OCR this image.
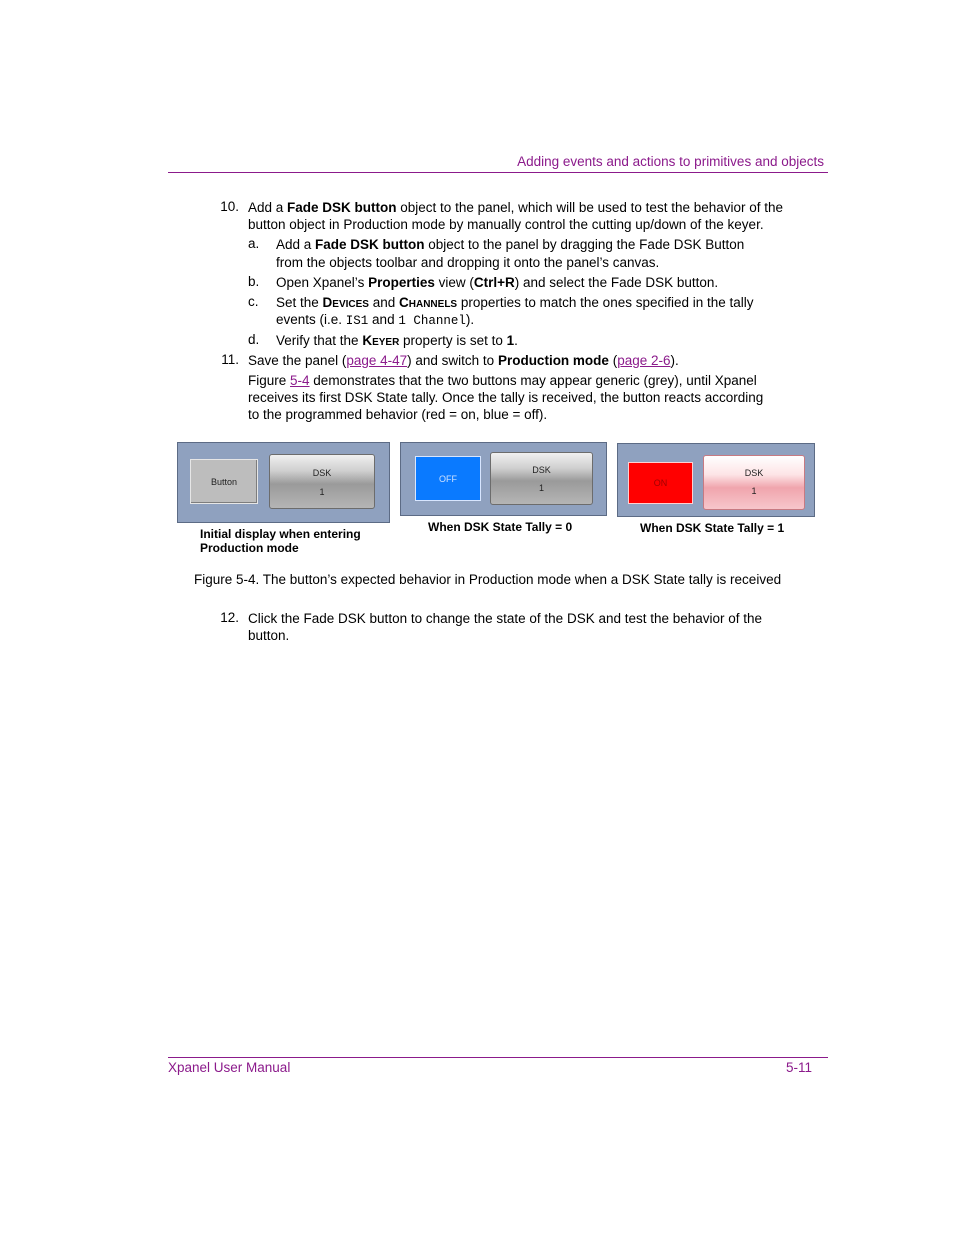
Adding events and actions to primitives and objects
10. Add a Fade DSK button object to the panel, which will be used to test the behavior of the
button object in Production mode by manually control the cutting up/down of the keyer.
a. Add a Fade DSK button object to the panel by dragging the Fade DSK Button
from the objects toolbar and dropping it onto the panel’s canvas.
b. Open Xpanel’s Properties view (Ctrl+R) and select the Fade DSK button.
c. Set the DEVICES and CHANNELS properties to match the ones specified in the tally
events (i.e. IS1 and 1 Channel).
d. Verify that the KEYER property is set to 1.
11. Save the panel (page 4-47) and switch to Production mode (page 2-6).
Figure 5-4 demonstrates that the two buttons may appear generic (grey), until Xpanel
receives its first DSK State tally. Once the tally is received, the button reacts according
to the programmed behavior (red = on, blue = off).
Button
DSK
1
Initial display when entering
Production mode
OFF
DSK
1
When DSK State Tally = 0
ON
DSK
1
When DSK State Tally = 1
Figure 5-4. The button’s expected behavior in Production mode when a DSK State tally is received
12. Click the Fade DSK button to change the state of the DSK and test the behavior of the
button.
Xpanel User Manual	5-11
